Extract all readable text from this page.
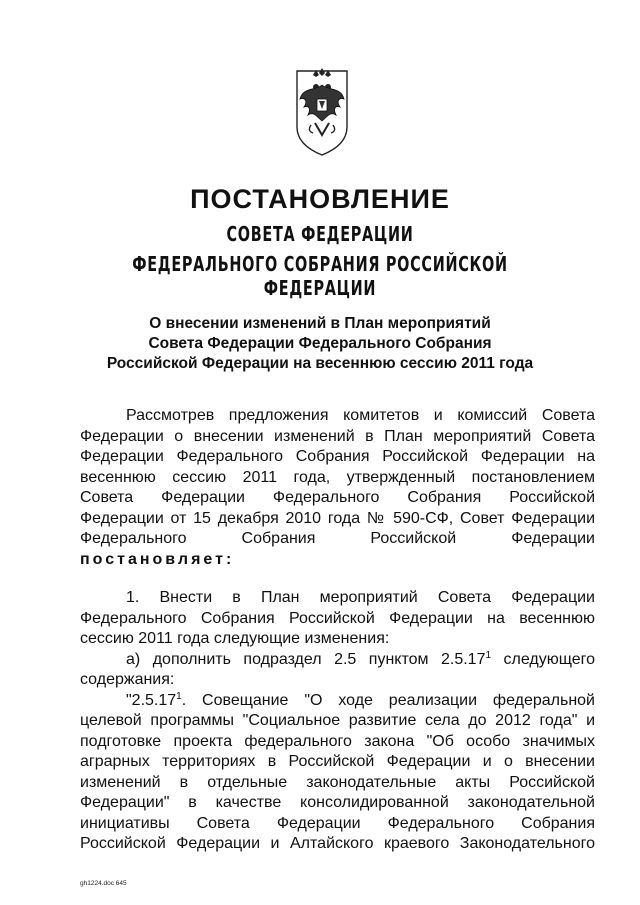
ПОСТАНОВЛЕНИЕ
СОВЕТА ФЕДЕРАЦИИ
ФЕДЕРАЛЬНОГО СОБРАНИЯ РОССИЙСКОЙ ФЕДЕРАЦИИ
О внесении изменений в План мероприятий
Совета Федерации Федерального Собрания
Российской Федерации на весеннюю сессию 2011 года
Рассмотрев предложения комитетов и комиссий Совета
Федерации о внесении изменений в План мероприятий Совета
Федерации Федерального Собрания Российской Федерации на
весеннюю сессию 2011 года, утвержденный постановлением
Совета Федерации Федерального Собрания Российской
Федерации от 15 декабря 2010 года № 590-СФ, Совет Федерации
Федерального Собрания Российской Федерации
постановляет:
1. Внести в План мероприятий Совета Федерации
Федерального Собрания Российской Федерации на весеннюю
сессию 2011 года следующие изменения:
а) дополнить подраздел 2.5 пунктом 2.5.17$^1$ следующего
содержания:
"2.5.17$^1$. Совещание "О ходе реализации федеральной
целевой программы "Социальное развитие села до 2012 года" и
подготовке проекта федерального закона "Об особо значимых
аграрных территориях в Российской Федерации и о внесении
изменений в отдельные законодательные акты Российской
Федерации" в качестве консолидированной законодательной
инициативы Совета Федерации Федерального Собрания
Российской Федерации и Алтайского краевого Законодательного
gh1224.doc 645
